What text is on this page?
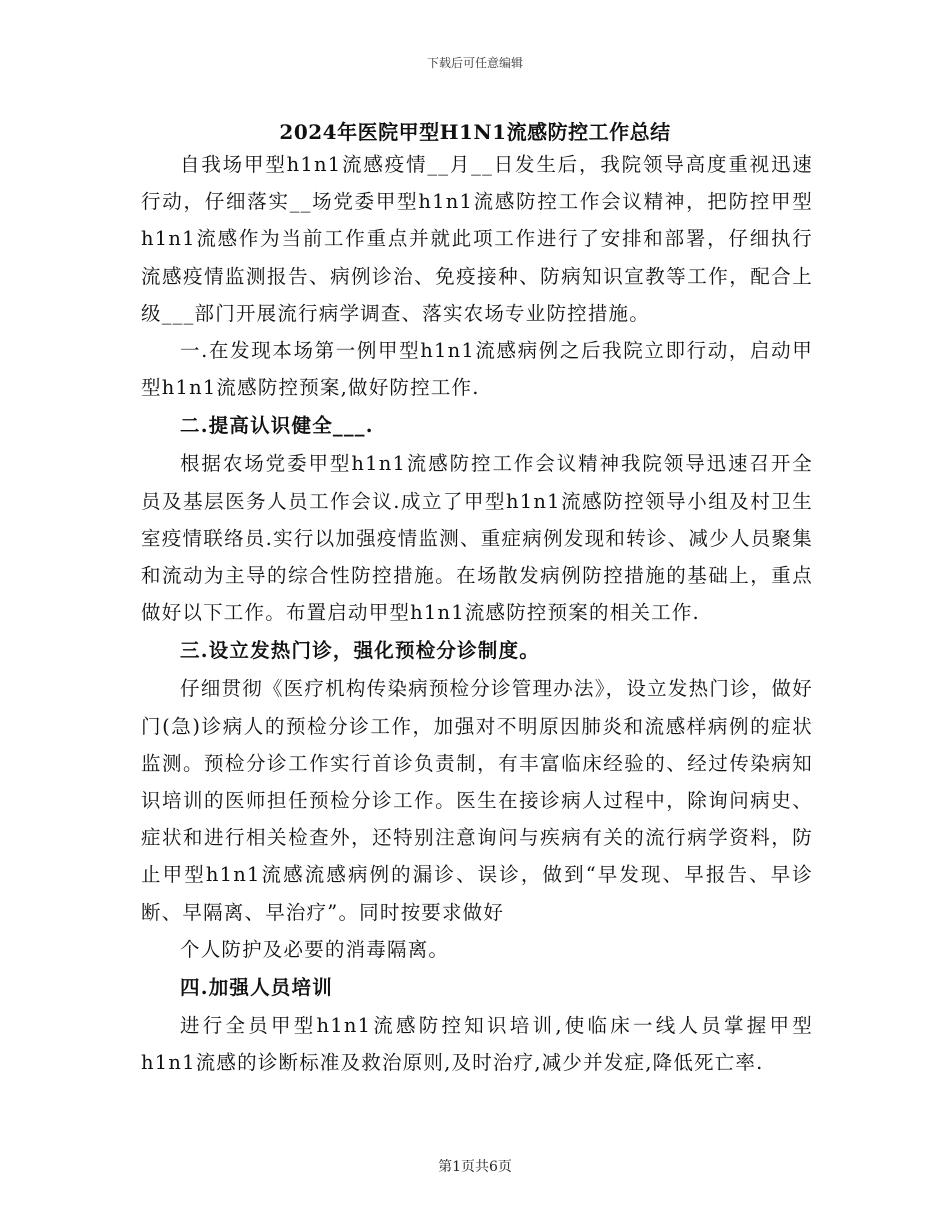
下载后可任意编辑
2024年医院甲型H1N1流感防控工作总结

自我场甲型h1n1流感疫情__月__日发生后，我院领导高度重视迅速行动，仔细落实__场党委甲型h1n1流感防控工作会议精神，把防控甲型h1n1流感作为当前工作重点并就此项工作进行了安排和部署，仔细执行流感疫情监测报告、病例诊治、免疫接种、防病知识宣教等工作，配合上级___部门开展流行病学调查、落实农场专业防控措施。

一.在发现本场第一例甲型h1n1流感病例之后我院立即行动，启动甲型h1n1流感防控预案,做好防控工作.

二.提高认识健全___.

根据农场党委甲型h1n1流感防控工作会议精神我院领导迅速召开全员及基层医务人员工作会议.成立了甲型h1n1流感防控领导小组及村卫生室疫情联络员.实行以加强疫情监测、重症病例发现和转诊、减少人员聚集和流动为主导的综合性防控措施。在场散发病例防控措施的基础上，重点做好以下工作。布置启动甲型h1n1流感防控预案的相关工作.

三.设立发热门诊，强化预检分诊制度。

仔细贯彻《医疗机构传染病预检分诊管理办法》，设立发热门诊，做好门(急)诊病人的预检分诊工作，加强对不明原因肺炎和流感样病例的症状监测。预检分诊工作实行首诊负责制，有丰富临床经验的、经过传染病知识培训的医师担任预检分诊工作。医生在接诊病人过程中，除询问病史、症状和进行相关检查外，还特别注意询问与疾病有关的流行病学资料，防止甲型h1n1流感流感病例的漏诊、误诊，做到“早发现、早报告、早诊断、早隔离、早治疗”。同时按要求做好

个人防护及必要的消毒隔离。

四.加强人员培训

进行全员甲型h1n1流感防控知识培训,使临床一线人员掌握甲型h1n1流感的诊断标准及救治原则,及时治疗,减少并发症,降低死亡率.

第1页共6页
